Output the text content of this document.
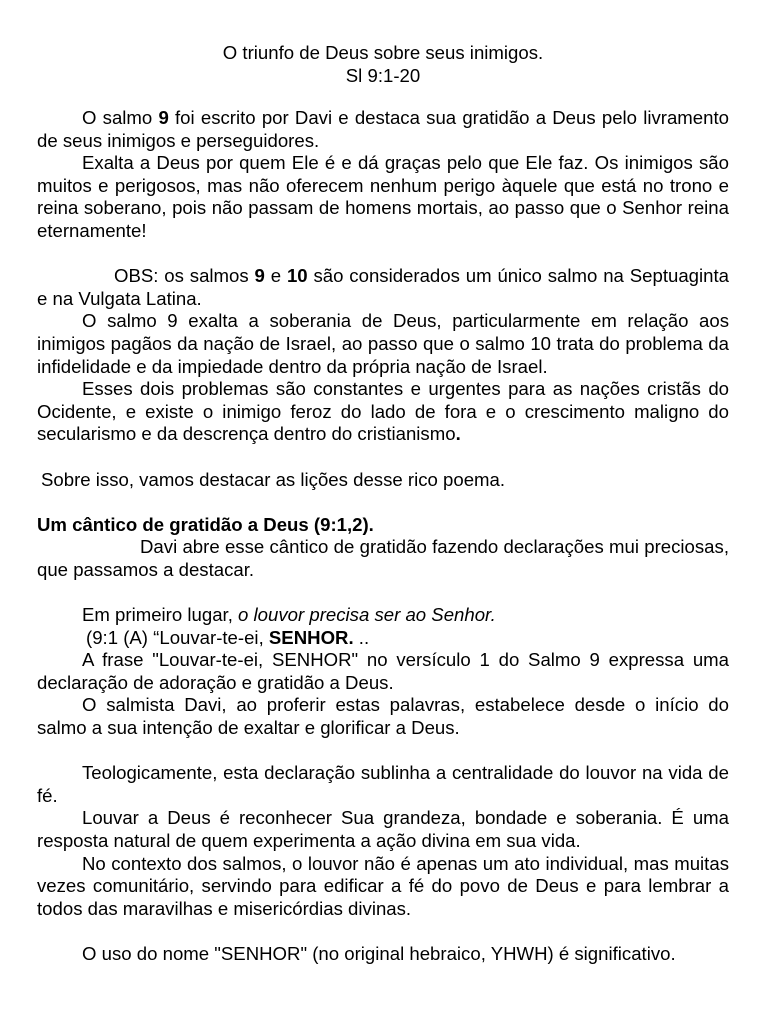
O triunfo de Deus sobre seus inimigos.
Sl 9:1-20

O salmo 9 foi escrito por Davi e destaca sua gratidão a Deus pelo livramento de seus inimigos e perseguidores.

Exalta a Deus por quem Ele é e dá graças pelo que Ele faz. Os inimigos são muitos e perigosos, mas não oferecem nenhum perigo àquele que está no trono e reina soberano, pois não passam de homens mortais, ao passo que o Senhor reina eternamente!

OBS: os salmos 9 e 10 são considerados um único salmo na Septuaginta e na Vulgata Latina.

O salmo 9 exalta a soberania de Deus, particularmente em relação aos inimigos pagãos da nação de Israel, ao passo que o salmo 10 trata do problema da infidelidade e da impiedade dentro da própria nação de Israel.

Esses dois problemas são constantes e urgentes para as nações cristãs do Ocidente, e existe o inimigo feroz do lado de fora e o crescimento maligno do secularismo e da descrença dentro do cristianismo.

Sobre isso, vamos destacar as lições desse rico poema.

Um cântico de gratidão a Deus (9:1,2).

Davi abre esse cântico de gratidão fazendo declarações mui preciosas, que passamos a destacar.

Em primeiro lugar, o louvor precisa ser ao Senhor.

(9:1 (A) “Louvar-te-ei, SENHOR. ..

A frase "Louvar-te-ei, SENHOR" no versículo 1 do Salmo 9 expressa uma declaração de adoração e gratidão a Deus.

O salmista Davi, ao proferir estas palavras, estabelece desde o início do salmo a sua intenção de exaltar e glorificar a Deus.

Teologicamente, esta declaração sublinha a centralidade do louvor na vida de fé.

Louvar a Deus é reconhecer Sua grandeza, bondade e soberania. É uma resposta natural de quem experimenta a ação divina em sua vida.

No contexto dos salmos, o louvor não é apenas um ato individual, mas muitas vezes comunitário, servindo para edificar a fé do povo de Deus e para lembrar a todos das maravilhas e misericórdias divinas.

O uso do nome "SENHOR" (no original hebraico, YHWH) é significativo.
